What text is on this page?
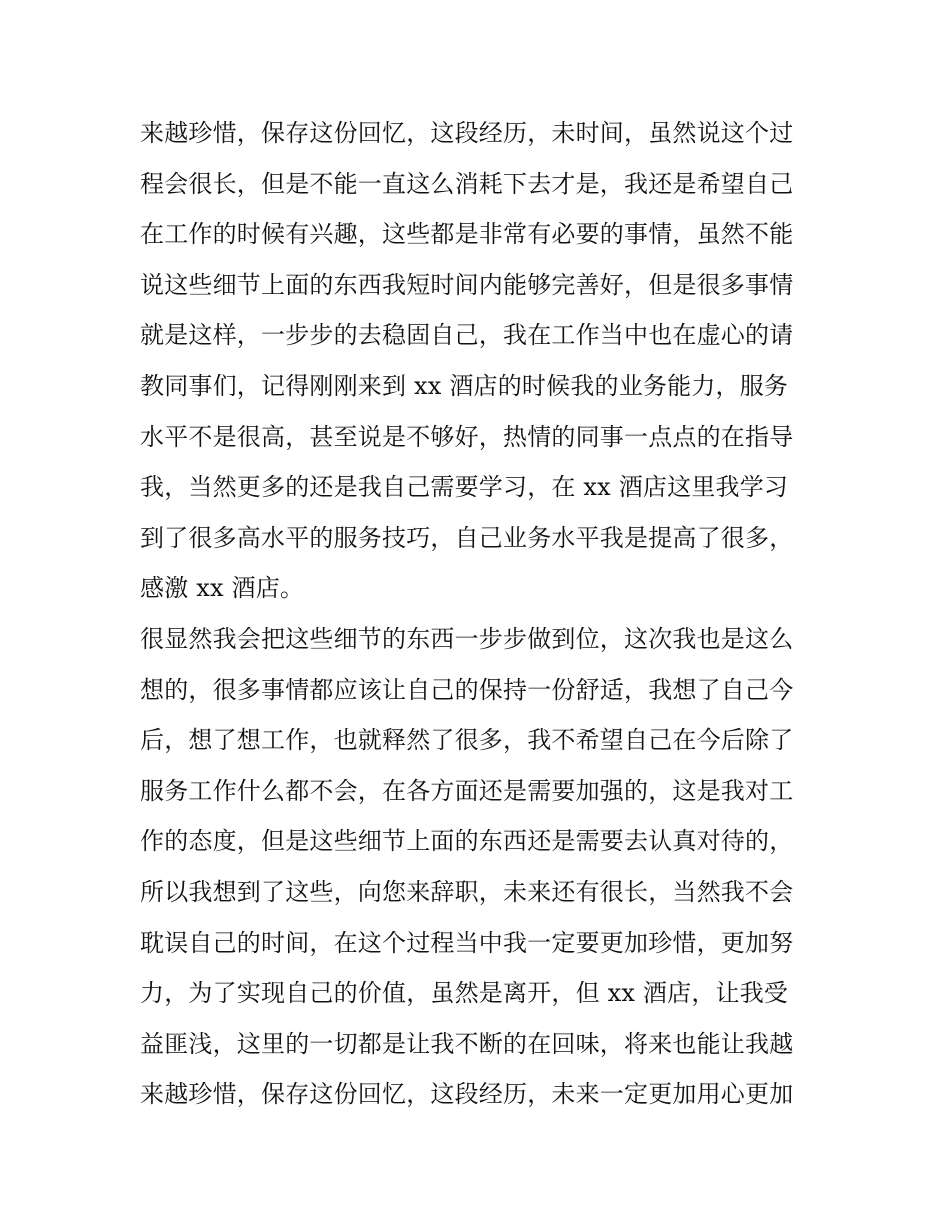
来越珍惜，保存这份回忆，这段经历，未时间，虽然说这个过
程会很长，但是不能一直这么消耗下去才是，我还是希望自己
在工作的时候有兴趣，这些都是非常有必要的事情，虽然不能
说这些细节上面的东西我短时间内能够完善好，但是很多事情
就是这样，一步步的去稳固自己，我在工作当中也在虚心的请
教同事们，记得刚刚来到 xx 酒店的时候我的业务能力，服务
水平不是很高，甚至说是不够好，热情的同事一点点的在指导
我，当然更多的还是我自己需要学习，在 xx 酒店这里我学习
到了很多高水平的服务技巧，自己业务水平我是提高了很多，
感激 xx 酒店。
很显然我会把这些细节的东西一步步做到位，这次我也是这么
想的，很多事情都应该让自己的保持一份舒适，我想了自己今
后，想了想工作，也就释然了很多，我不希望自己在今后除了
服务工作什么都不会，在各方面还是需要加强的，这是我对工
作的态度，但是这些细节上面的东西还是需要去认真对待的，
所以我想到了这些，向您来辞职，未来还有很长，当然我不会
耽误自己的时间，在这个过程当中我一定要更加珍惜，更加努
力，为了实现自己的价值，虽然是离开，但 xx 酒店，让我受
益匪浅，这里的一切都是让我不断的在回味，将来也能让我越
来越珍惜，保存这份回忆，这段经历，未来一定更加用心更加
